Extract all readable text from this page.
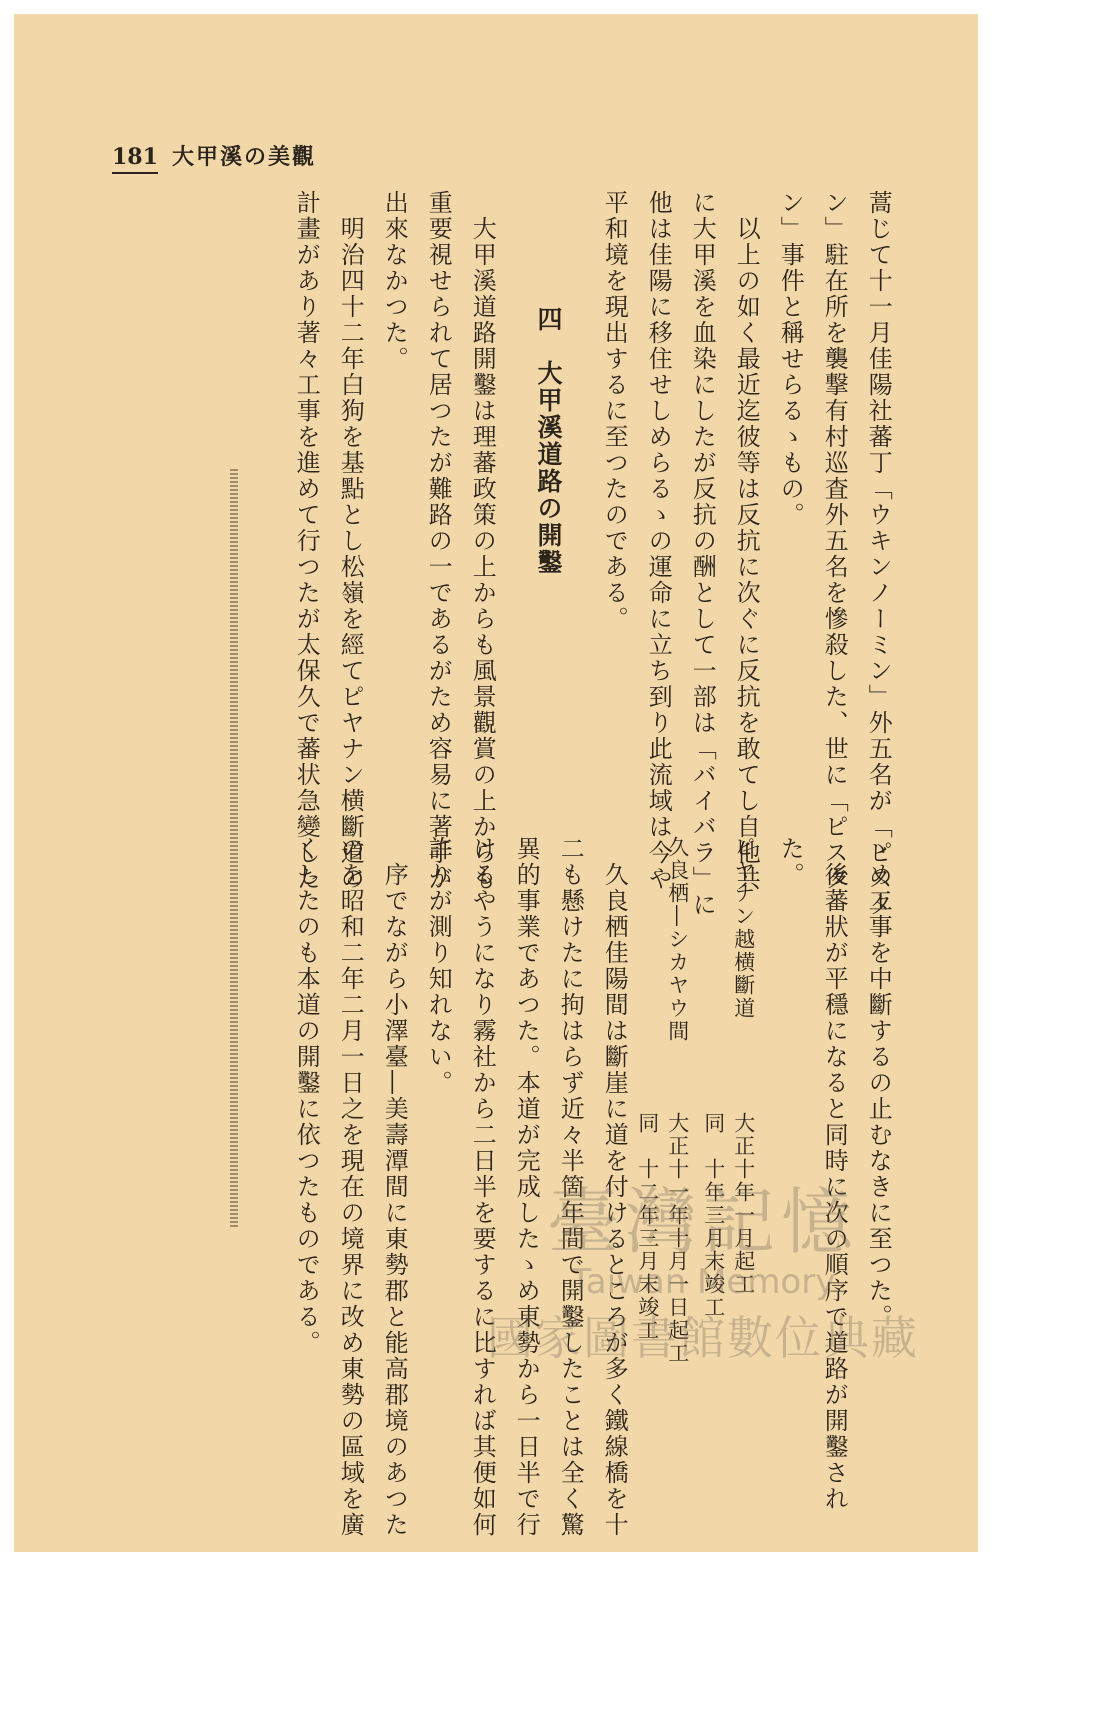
181 大甲溪の美觀
蒿じて十一月佳陽社蕃丁「ウキンノーミン」外五名が「ピスタ
ン」駐在所を襲撃有村巡査外五名を慘殺した、世に「ピスタ
ン」事件と稱せらるゝもの。
　以上の如く最近迄彼等は反抗に次ぐに反抗を敢てし自他共
に大甲溪を血染にしたが反抗の酬として一部は「バイバラ」に
他は佳陽に移住せしめらるゝの運命に立ち到り此流域は今や
平和境を現出するに至つたのである。
四　大甲溪道路の開鑿
　大甲溪道路開鑿は理蕃政策の上からも風景觀賞の上からも
重要視せられて居つたが難路の一であるがため容易に著手が
出來なかつた。
　明治四十二年白狗を基點とし松嶺を經てピヤナン横斷道の
計畫があり著々工事を進めて行つたが太保久で蕃状急變した
ゝめ工事を中斷するの止むなきに至つた。
　後蕃狀が平穩になると同時に次の順序で道路が開鑿され
た。
ピヤナン越横斷道　　　　大正十年一月起工
　　　　　　　　　　　　同　十年三月末竣工
久良栖―シカヤウ間　　　大正十一年十月一日起工
　　　　　　　　　　　　同　十二年三月末竣工
　久良栖佳陽間は斷崖に道を付けるところが多く鐵線橋を十
二も懸けたに拘はらず近々半箇年間で開鑿したことは全く驚
異的事業であつた。本道が完成したゝめ東勢から一日半で行
けるやうになり霧社から二日半を要するに比すれば其便如何
許りが測り知れない。
　序でながら小澤臺―美壽潭間に東勢郡と能高郡境のあつた
のを昭和二年二月一日之を現在の境界に改め東勢の區域を廣
くしたのも本道の開鑿に依つたものである。	臺灣記憶
Taiwan Memory
國家圖書館數位典藏
